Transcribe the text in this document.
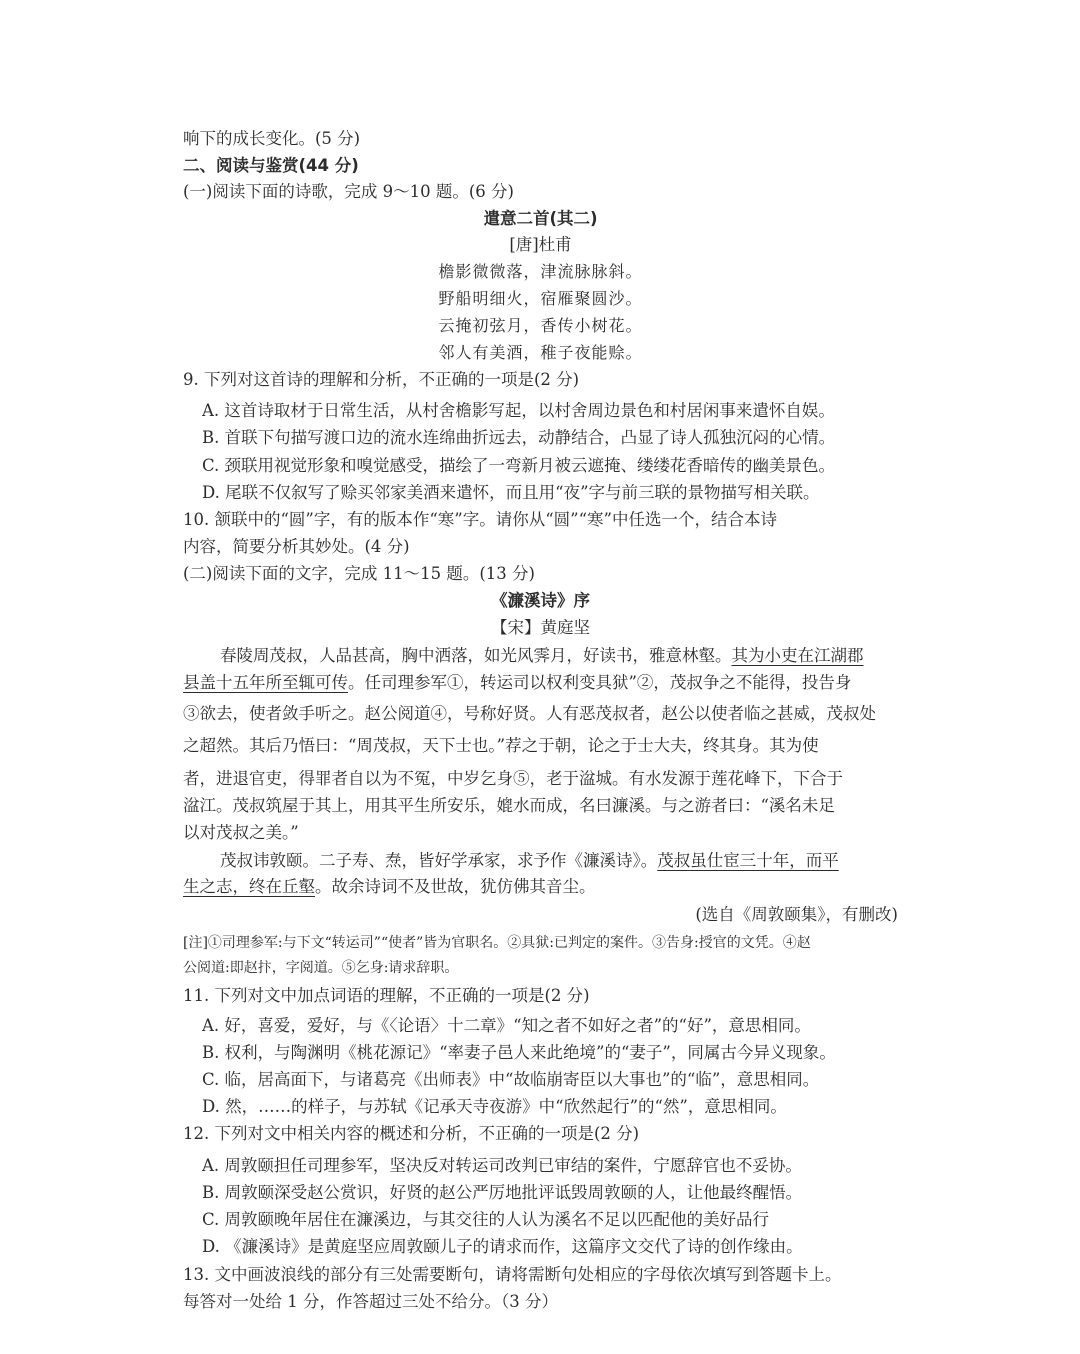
响下的成长变化。(5 分)
二、阅读与鉴赏(44 分)
(一)阅读下面的诗歌，完成 9～10 题。(6 分)
遣意二首(其二)
[唐]杜甫
檐影微微落，津流脉脉斜。
野船明细火，宿雁聚圆沙。
云掩初弦月，香传小树花。
邻人有美酒，稚子夜能赊。
9. 下列对这首诗的理解和分析，不正确的一项是(2 分)
A. 这首诗取材于日常生活，从村舍檐影写起，以村舍周边景色和村居闲事来遣怀自娱。
B. 首联下句描写渡口边的流水连绵曲折远去，动静结合，凸显了诗人孤独沉闷的心情。
C. 颈联用视觉形象和嗅觉感受，描绘了一弯新月被云遮掩、缕缕花香暗传的幽美景色。
D. 尾联不仅叙写了赊买邻家美酒来遣怀，而且用“夜”字与前三联的景物描写相关联。
10. 颔联中的“圆”字，有的版本作“寒”字。请你从“圆”“寒”中任选一个，结合本诗
内容，简要分析其妙处。(4 分)
(二)阅读下面的文字，完成 11～15 题。(13 分)
《濂溪诗》序
【宋】黄庭坚
春陵周茂叔，人品甚高，胸中洒落，如光风霁月，好读书，雅意林壑。其为小吏在江湖郡
县盖十五年所至辄可传。任司理参军①，转运司以权利变具狱”②，茂叔争之不能得，投告身
③欲去，使者敛手听之。赵公阅道④，号称好贤。人有恶茂叔者，赵公以使者临之甚威，茂叔处
之超然。其后乃悟曰：“周茂叔，天下士也。”荐之于朝，论之于士大夫，终其身。其为使
者，进退官吏，得罪者自以为不冤，中岁乞身⑤，老于湓城。有水发源于莲花峰下，下合于
湓江。茂叔筑屋于其上，用其平生所安乐，媲水而成，名曰濂溪。与之游者曰：“溪名未足
以对茂叔之美。”
茂叔讳敦颐。二子寿、焘，皆好学承家，求予作《濂溪诗》。茂叔虽仕宦三十年，而平
生之志，终在丘壑。故余诗词不及世故，犹仿佛其音尘。
(选自《周敦颐集》，有删改)
[注]①司理参军:与下文“转运司”“使者”皆为官职名。②具狱:已判定的案件。③告身:授官的文凭。④赵
公阅道:即赵抃，字阅道。⑤乞身:请求辞职。
11. 下列对文中加点词语的理解，不正确的一项是(2 分)
A. 好，喜爱，爱好，与《〈论语〉十二章》“知之者不如好之者”的“好”，意思相同。
B. 权利，与陶渊明《桃花源记》“率妻子邑人来此绝境”的“妻子”，同属古今异义现象。
C. 临，居高面下，与诸葛亮《出师表》中“故临崩寄臣以大事也”的“临”，意思相同。
D. 然，……的样子，与苏轼《记承天寺夜游》中“欣然起行”的“然”，意思相同。
12. 下列对文中相关内容的概述和分析，不正确的一项是(2 分)
A. 周敦颐担任司理参军，坚决反对转运司改判已审结的案件，宁愿辞官也不妥协。
B. 周敦颐深受赵公赏识，好贤的赵公严厉地批评诋毁周敦颐的人，让他最终醒悟。
C. 周敦颐晚年居住在濂溪边，与其交往的人认为溪名不足以匹配他的美好品行
D. 《濂溪诗》是黄庭坚应周敦颐儿子的请求而作，这篇序文交代了诗的创作缘由。
13. 文中画波浪线的部分有三处需要断句，请将需断句处相应的字母依次填写到答题卡上。
每答对一处给 1 分，作答超过三处不给分。（3 分）
